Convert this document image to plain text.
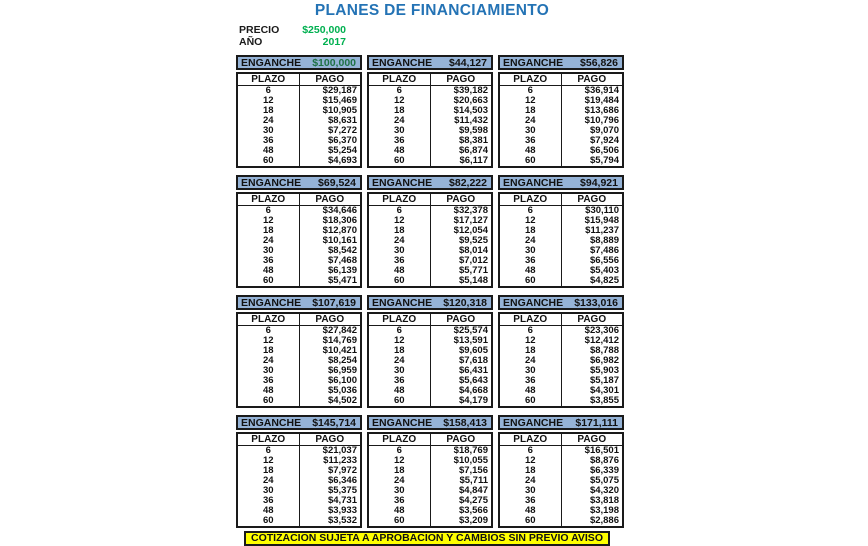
PLANES DE FINANCIAMIENTO
PRECIO $250,000
AÑO	2017
ENGANCHE $100,000
PLAZO	PAGO
6	$29,187
12	$15,469
18	$10,905
24	$8,631
30	$7,272
36	$6,370
48	$5,254
60	$4,693
ENGANCHE $44,127
PLAZO	PAGO
6	$39,182
12	$20,663
18	$14,503
24	$11,432
30	$9,598
36	$8,381
48	$6,874
60	$6,117
ENGANCHE $56,826
PLAZO	PAGO
6	$36,914
12	$19,484
18	$13,686
24	$10,796
30	$9,070
36	$7,924
48	$6,506
60	$5,794
ENGANCHE $69,524
PLAZO	PAGO
6	$34,646
12	$18,306
18	$12,870
24	$10,161
30	$8,542
36	$7,468
48	$6,139
60	$5,471
ENGANCHE $82,222
PLAZO	PAGO
6	$32,378
12	$17,127
18	$12,054
24	$9,525
30	$8,014
36	$7,012
48	$5,771
60	$5,148
ENGANCHE $94,921
PLAZO	PAGO
6	$30,110
12	$15,948
18	$11,237
24	$8,889
30	$7,486
36	$6,556
48	$5,403
60	$4,825
ENGANCHE $107,619
PLAZO	PAGO
6	$27,842
12	$14,769
18	$10,421
24	$8,254
30	$6,959
36	$6,100
48	$5,036
60	$4,502
ENGANCHE $120,318
PLAZO	PAGO
6	$25,574
12	$13,591
18	$9,605
24	$7,618
30	$6,431
36	$5,643
48	$4,668
60	$4,179
ENGANCHE $133,016
PLAZO	PAGO
6	$23,306
12	$12,412
18	$8,788
24	$6,982
30	$5,903
36	$5,187
48	$4,301
60	$3,855
ENGANCHE $145,714
PLAZO	PAGO
6	$21,037
12	$11,233
18	$7,972
24	$6,346
30	$5,375
36	$4,731
48	$3,933
60	$3,532
ENGANCHE $158,413
PLAZO	PAGO
6	$18,769
12	$10,055
18	$7,156
24	$5,711
30	$4,847
36	$4,275
48	$3,566
60	$3,209
ENGANCHE $171,111
PLAZO	PAGO
6	$16,501
12	$8,876
18	$6,339
24	$5,075
30	$4,320
36	$3,818
48	$3,198
60	$2,886
COTIZACION SUJETA A APROBACION Y CAMBIOS SIN PREVIO AVISO
